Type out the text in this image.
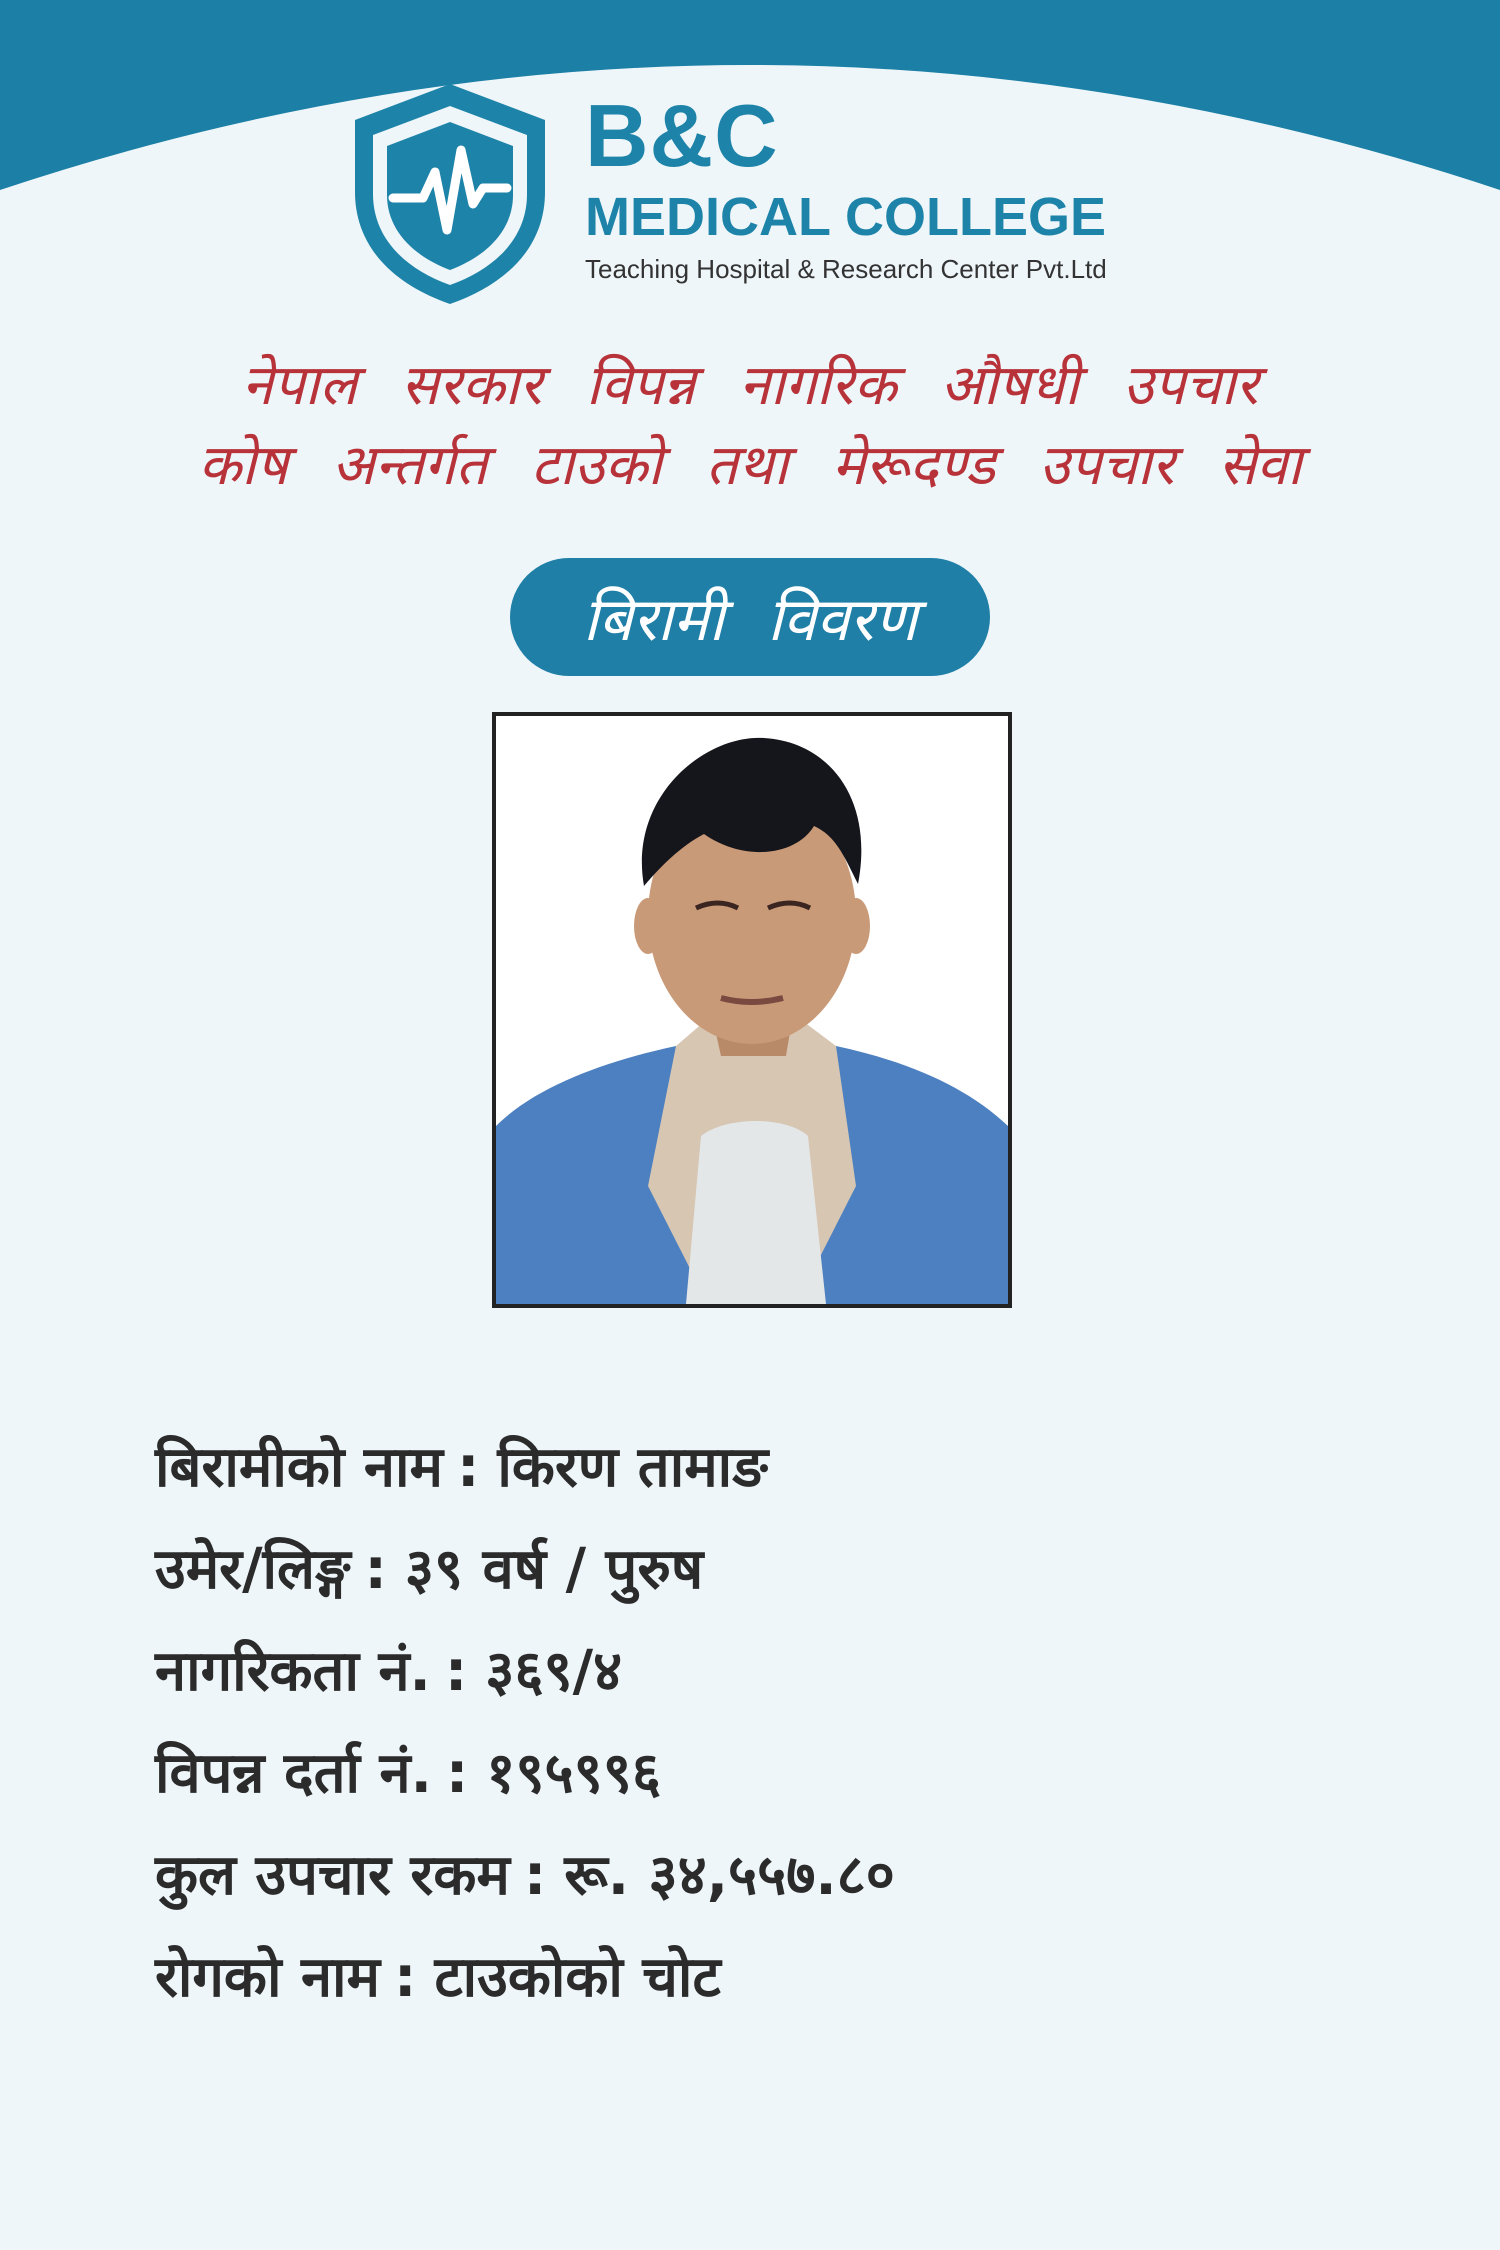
B&C
MEDICAL COLLEGE
Teaching Hospital & Research Center Pvt.Ltd
नेपाल सरकार विपन्न नागरिक औषधी उपचार
कोष अन्तर्गत टाउको तथा मेरूदण्ड उपचार सेवा
बिरामी विवरण
बिरामीको नाम : किरण तामाङ
उमेर/लिङ्ग : ३९ वर्ष / पुरुष
नागरिकता नं. : ३६९/४
विपन्न दर्ता नं. : १९५९९६
कुल उपचार रकम : रू. ३४,५५७.८०
रोगको नाम : टाउकोको चोट
